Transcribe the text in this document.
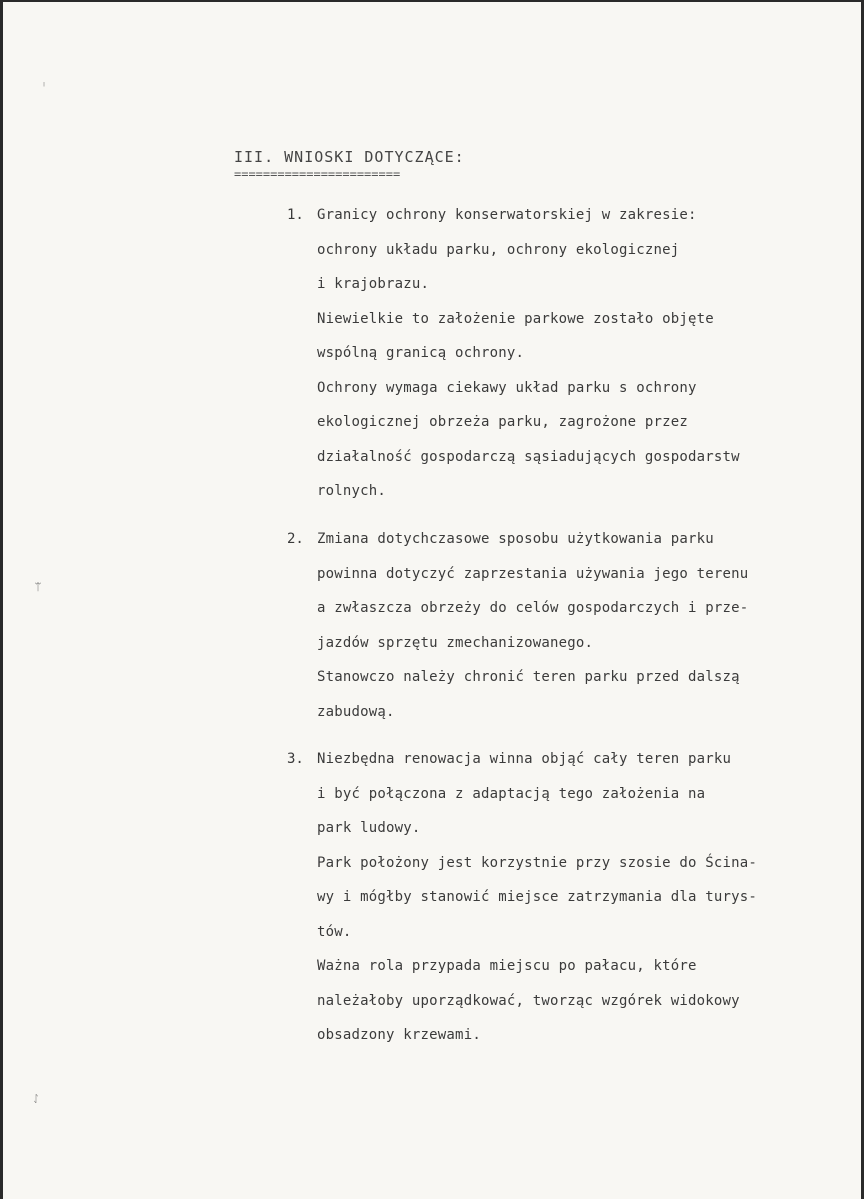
ᛧ
ᛠ
ᛇ
III. WNIOSKI DOTYCZĄCE:
=======================
1. Granicy ochrony konserwatorskiej w zakresie:
ochrony układu parku, ochrony ekologicznej
i krajobrazu.
Niewielkie to założenie parkowe zostało objęte
wspólną granicą ochrony.
Ochrony wymaga ciekawy układ parku s ochrony
ekologicznej obrzeża parku, zagrożone przez
działalność gospodarczą sąsiadujących gospodarstw
rolnych.
2. Zmiana dotychczasowe sposobu użytkowania parku
powinna dotyczyć zaprzestania używania jego terenu
a zwłaszcza obrzeży do celów gospodarczych i prze-
jazdów sprzętu zmechanizowanego.
Stanowczo należy chronić teren parku przed dalszą
zabudową.
3. Niezbędna renowacja winna objąć cały teren parku
i być połączona z adaptacją tego założenia na
park ludowy.
Park położony jest korzystnie przy szosie do Ścina-
wy i mógłby stanowić miejsce zatrzymania dla turys-
tów.
Ważna rola przypada miejscu po pałacu, które
należałoby uporządkować, tworząc wzgórek widokowy
obsadzony krzewami.
